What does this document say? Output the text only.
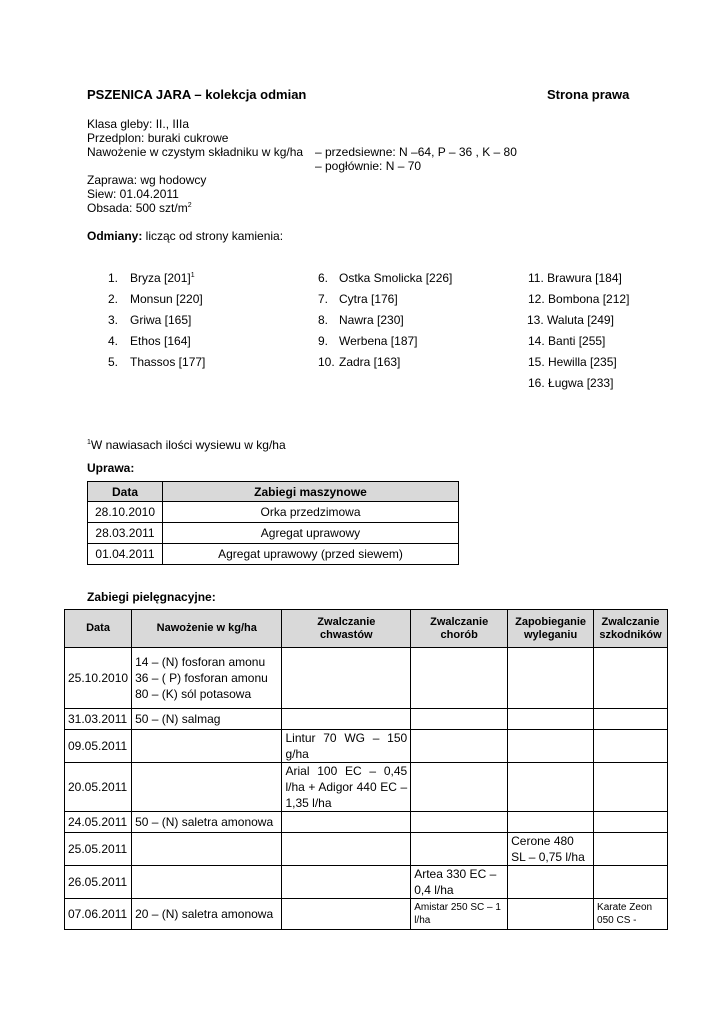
PSZENICA JARA – kolekcja odmian	Strona prawa
Klasa gleby: II., IIIa
Przedplon: buraki cukrowe
Nawożenie w czystym składniku w kg/ha – przedsiewne: N –64, P – 36 , K – 80
– pogłównie: N – 70
Zaprawa: wg hodowcy
Siew: 01.04.2011
Obsada: 500 szt/$m^2$
Odmiany: licząc od strony kamienia:
1. Bryza $[201]^1$
2. Monsun [220]
3. Griwa [165]
4. Ethos [164]
5. Thassos [177]
6. Ostka Smolicka [226]
7. Cytra [176]
8. Nawra [230]
9. Werbena [187]
10. Zadra [163]
11. Brawura [184]
12. Bombona [212]
13. Waluta [249]
14. Banti [255]
15. Hewilla [235]
16. Ługwa [233]
$^1$W nawiasach ilości wysiewu w kg/ha
Uprawa:
Data	Zabiegi maszynowe
28.10.2010	Orka przedzimowa
28.03.2011	Agregat uprawowy
01.04.2011	Agregat uprawowy (przed siewem)
Zabiegi pielęgnacyjne:
Data	Nawożenie w kg/ha	Zwalczanie chwastów	Zwalczanie chorób	Zapobieganie wyleganiu	Zwalczanie szkodników
25.10.2010	14 – (N) fosforan amonu
36 – ( P) fosforan amonu
80 – (K) sól potasowa				
31.03.2011	50 – (N) salmag				
09.05.2011		Lintur 70 WG – 150 g/ha			
20.05.2011		Arial 100 EC – 0,45 l/ha + Adigor 440 EC – 1,35 l/ha			
24.05.2011	50 – (N) saletra amonowa				
25.05.2011				Cerone 480 SL – 0,75 l/ha	
26.05.2011			Artea 330 EC – 0,4 l/ha		
07.06.2011	20 – (N) saletra amonowa		Amistar 250 SC – 1 l/ha		Karate Zeon 050 CS -
